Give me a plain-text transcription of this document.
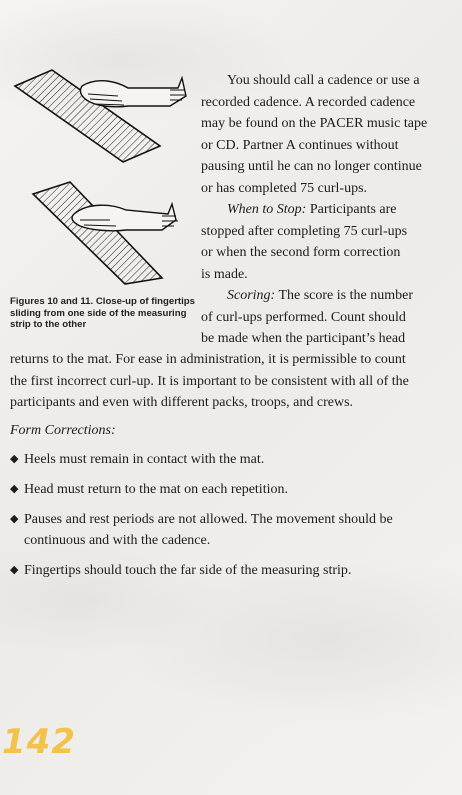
Figures 10 and 11. Close-up of fingertips sliding from one side of the measuring strip to the other
You should call a cadence or use a
recorded cadence. A recorded cadence
may be found on the PACER music tape
or CD. Partner A continues without
pausing until he can no longer continue
or has completed 75 curl-ups.
When to Stop: Participants are
stopped after completing 75 curl-ups
or when the second form correction
is made.
Scoring: The score is the number
of curl-ups performed. Count should
be made when the participant’s head
returns to the mat. For ease in administration, it is permissible to count
the first incorrect curl-up. It is important to be consistent with all of the
participants and even with different packs, troops, and crews.
Form Corrections:
◆ Heels must remain in contact with the mat.
◆ Head must return to the mat on each repetition.
◆ Pauses and rest periods are not allowed. The movement should be continuous and with the cadence.
◆ Fingertips should touch the far side of the measuring strip.
142
